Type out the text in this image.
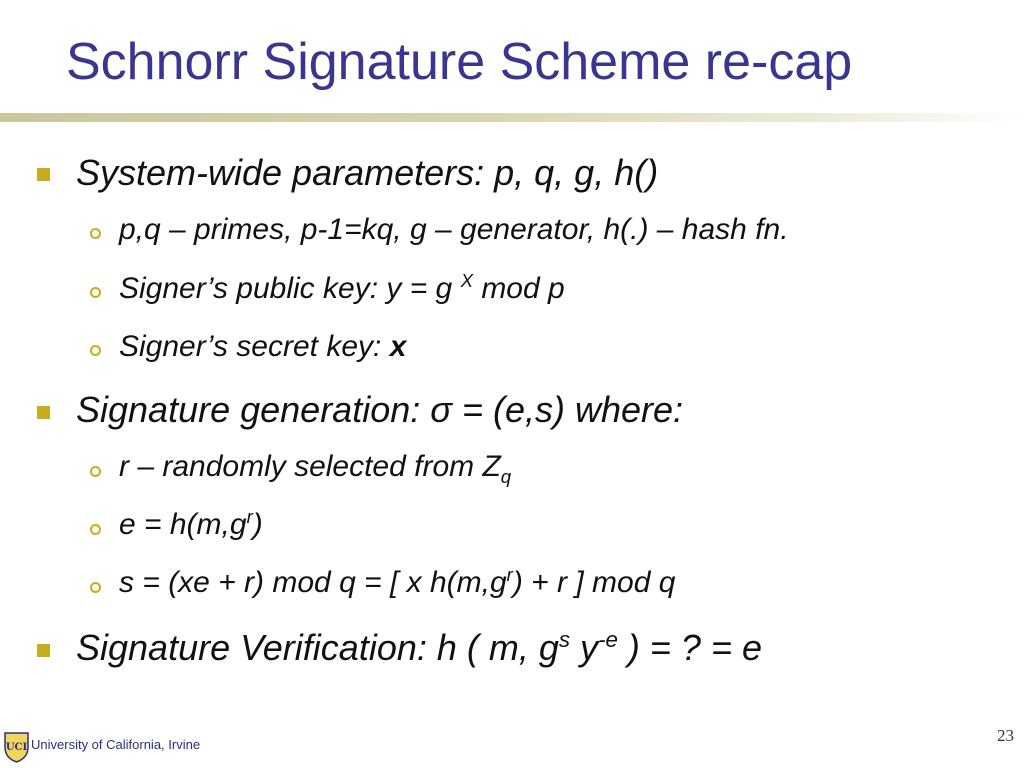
Schnorr Signature Scheme re-cap
System-wide parameters: p, q, g, h()
p,q – primes, p-1=kq, g – generator, h(.) – hash fn.
Signer’s public key: y = g $^X$ mod p
Signer’s secret key: x
Signature generation: σ = (e,s) where:
r – randomly selected from $Z_q$
$e = h(m,g^r)$
s = (xe + r) mod q = [ x $h(m,g^r) + r$ ] mod q
Signature Verification: h ( m, $g^s$ $y^{-e}$ ) = ? = e
UCI University of California, Irvine	23
